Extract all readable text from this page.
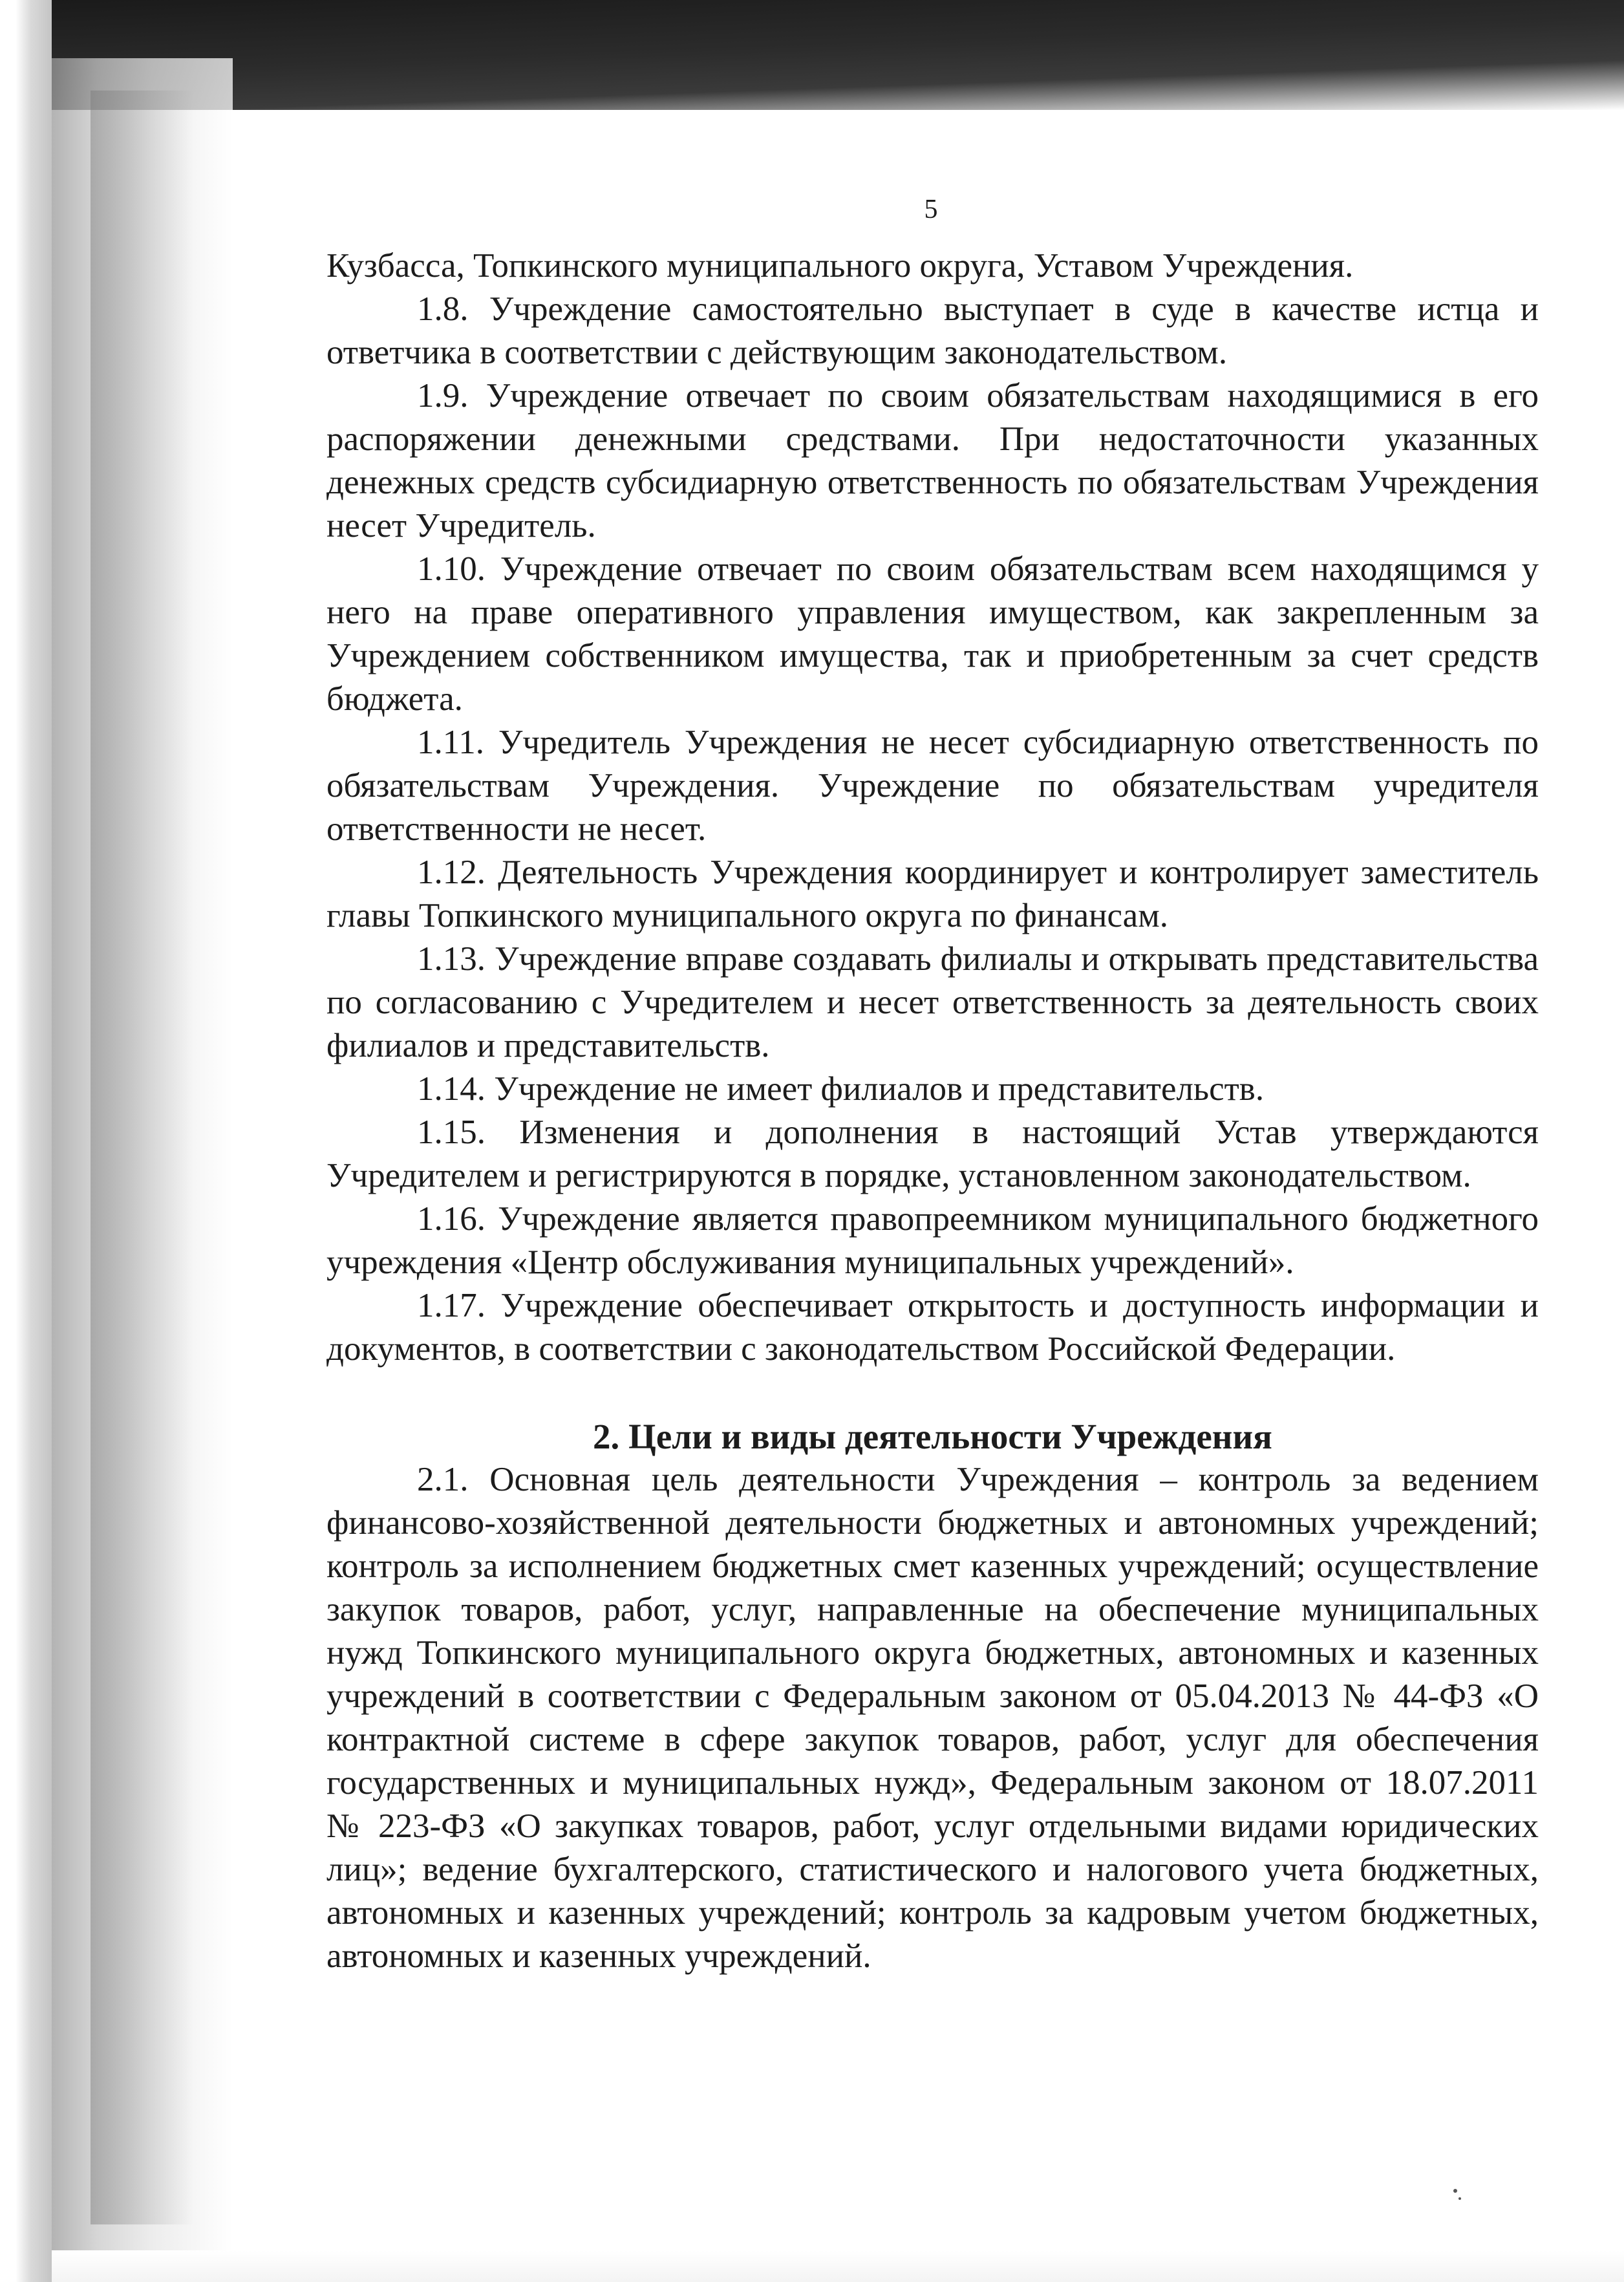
5

Кузбасса, Топкинского муниципального округа, Уставом Учреждения.

1.8. Учреждение самостоятельно выступает в суде в качестве истца и ответчика в соответствии с действующим законодательством.

1.9. Учреждение отвечает по своим обязательствам находящимися в его распоряжении денежными средствами. При недостаточности указанных денежных средств субсидиарную ответственность по обязательствам Учреждения несет Учредитель.

1.10. Учреждение отвечает по своим обязательствам всем находящимся у него на праве оперативного управления имуществом, как закрепленным за Учреждением собственником имущества, так и приобретенным за счет средств бюджета.

1.11. Учредитель Учреждения не несет субсидиарную ответственность по обязательствам Учреждения. Учреждение по обязательствам учредителя ответственности не несет.

1.12. Деятельность Учреждения координирует и контролирует заместитель главы Топкинского муниципального округа по финансам.

1.13. Учреждение вправе создавать филиалы и открывать представительства по согласованию с Учредителем и несет ответственность за деятельность своих филиалов и представительств.

1.14. Учреждение не имеет филиалов и представительств.

1.15. Изменения и дополнения в настоящий Устав утверждаются Учредителем и регистрируются в порядке, установленном законодательством.

1.16. Учреждение является правопреемником муниципального бюджетного учреждения «Центр обслуживания муниципальных учреждений».

1.17. Учреждение обеспечивает открытость и доступность информации и документов, в соответствии с законодательством Российской Федерации.

2. Цели и виды деятельности Учреждения

2.1. Основная цель деятельности Учреждения – контроль за ведением финансово-хозяйственной деятельности бюджетных и автономных учреждений; контроль за исполнением бюджетных смет казенных учреждений; осуществление закупок товаров, работ, услуг, направленные на обеспечение муниципальных нужд Топкинского муниципального округа бюджетных, автономных и казенных учреждений в соответствии с Федеральным законом от 05.04.2013 № 44-ФЗ «О контрактной системе в сфере закупок товаров, работ, услуг для обеспечения государственных и муниципальных нужд», Федеральным законом от 18.07.2011 № 223-ФЗ «О закупках товаров, работ, услуг отдельными видами юридических лиц»; ведение бухгалтерского, статистического и налогового учета бюджетных, автономных и казенных учреждений; контроль за кадровым учетом бюджетных, автономных и казенных учреждений.
